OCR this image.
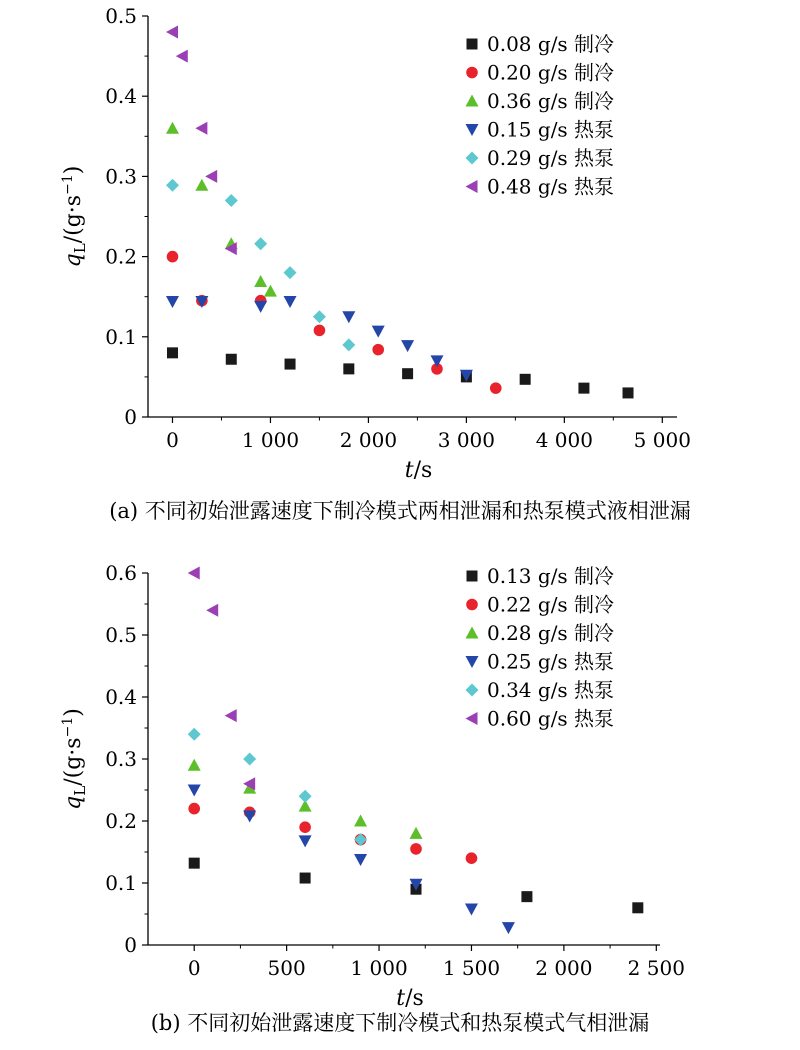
0	1 000 2 000 3 000 4 000 5 000
0
0.1
0.2
0.3
0.4
0.5
t/s
$q_L/(g\cdot s^{-1})$
0.08 g/s 制冷
0.20 g/s 制冷
0.36 g/s 制冷
0.15 g/s 热泵
0.29 g/s 热泵
0.48 g/s 热泵
(a) 不同初始泄露速度下制冷模式两相泄漏和热泵模式液相泄漏
0	500 1 000 1 500 2 000 2 500
0
0.1
0.2
0.3
0.4
0.5
0.6
t/s
$q_L/(g\cdot s^{-1})$
0.13 g/s 制冷
0.22 g/s 制冷
0.28 g/s 制冷
0.25 g/s 热泵
0.34 g/s 热泵
0.60 g/s 热泵
(b) 不同初始泄露速度下制冷模式和热泵模式气相泄漏
